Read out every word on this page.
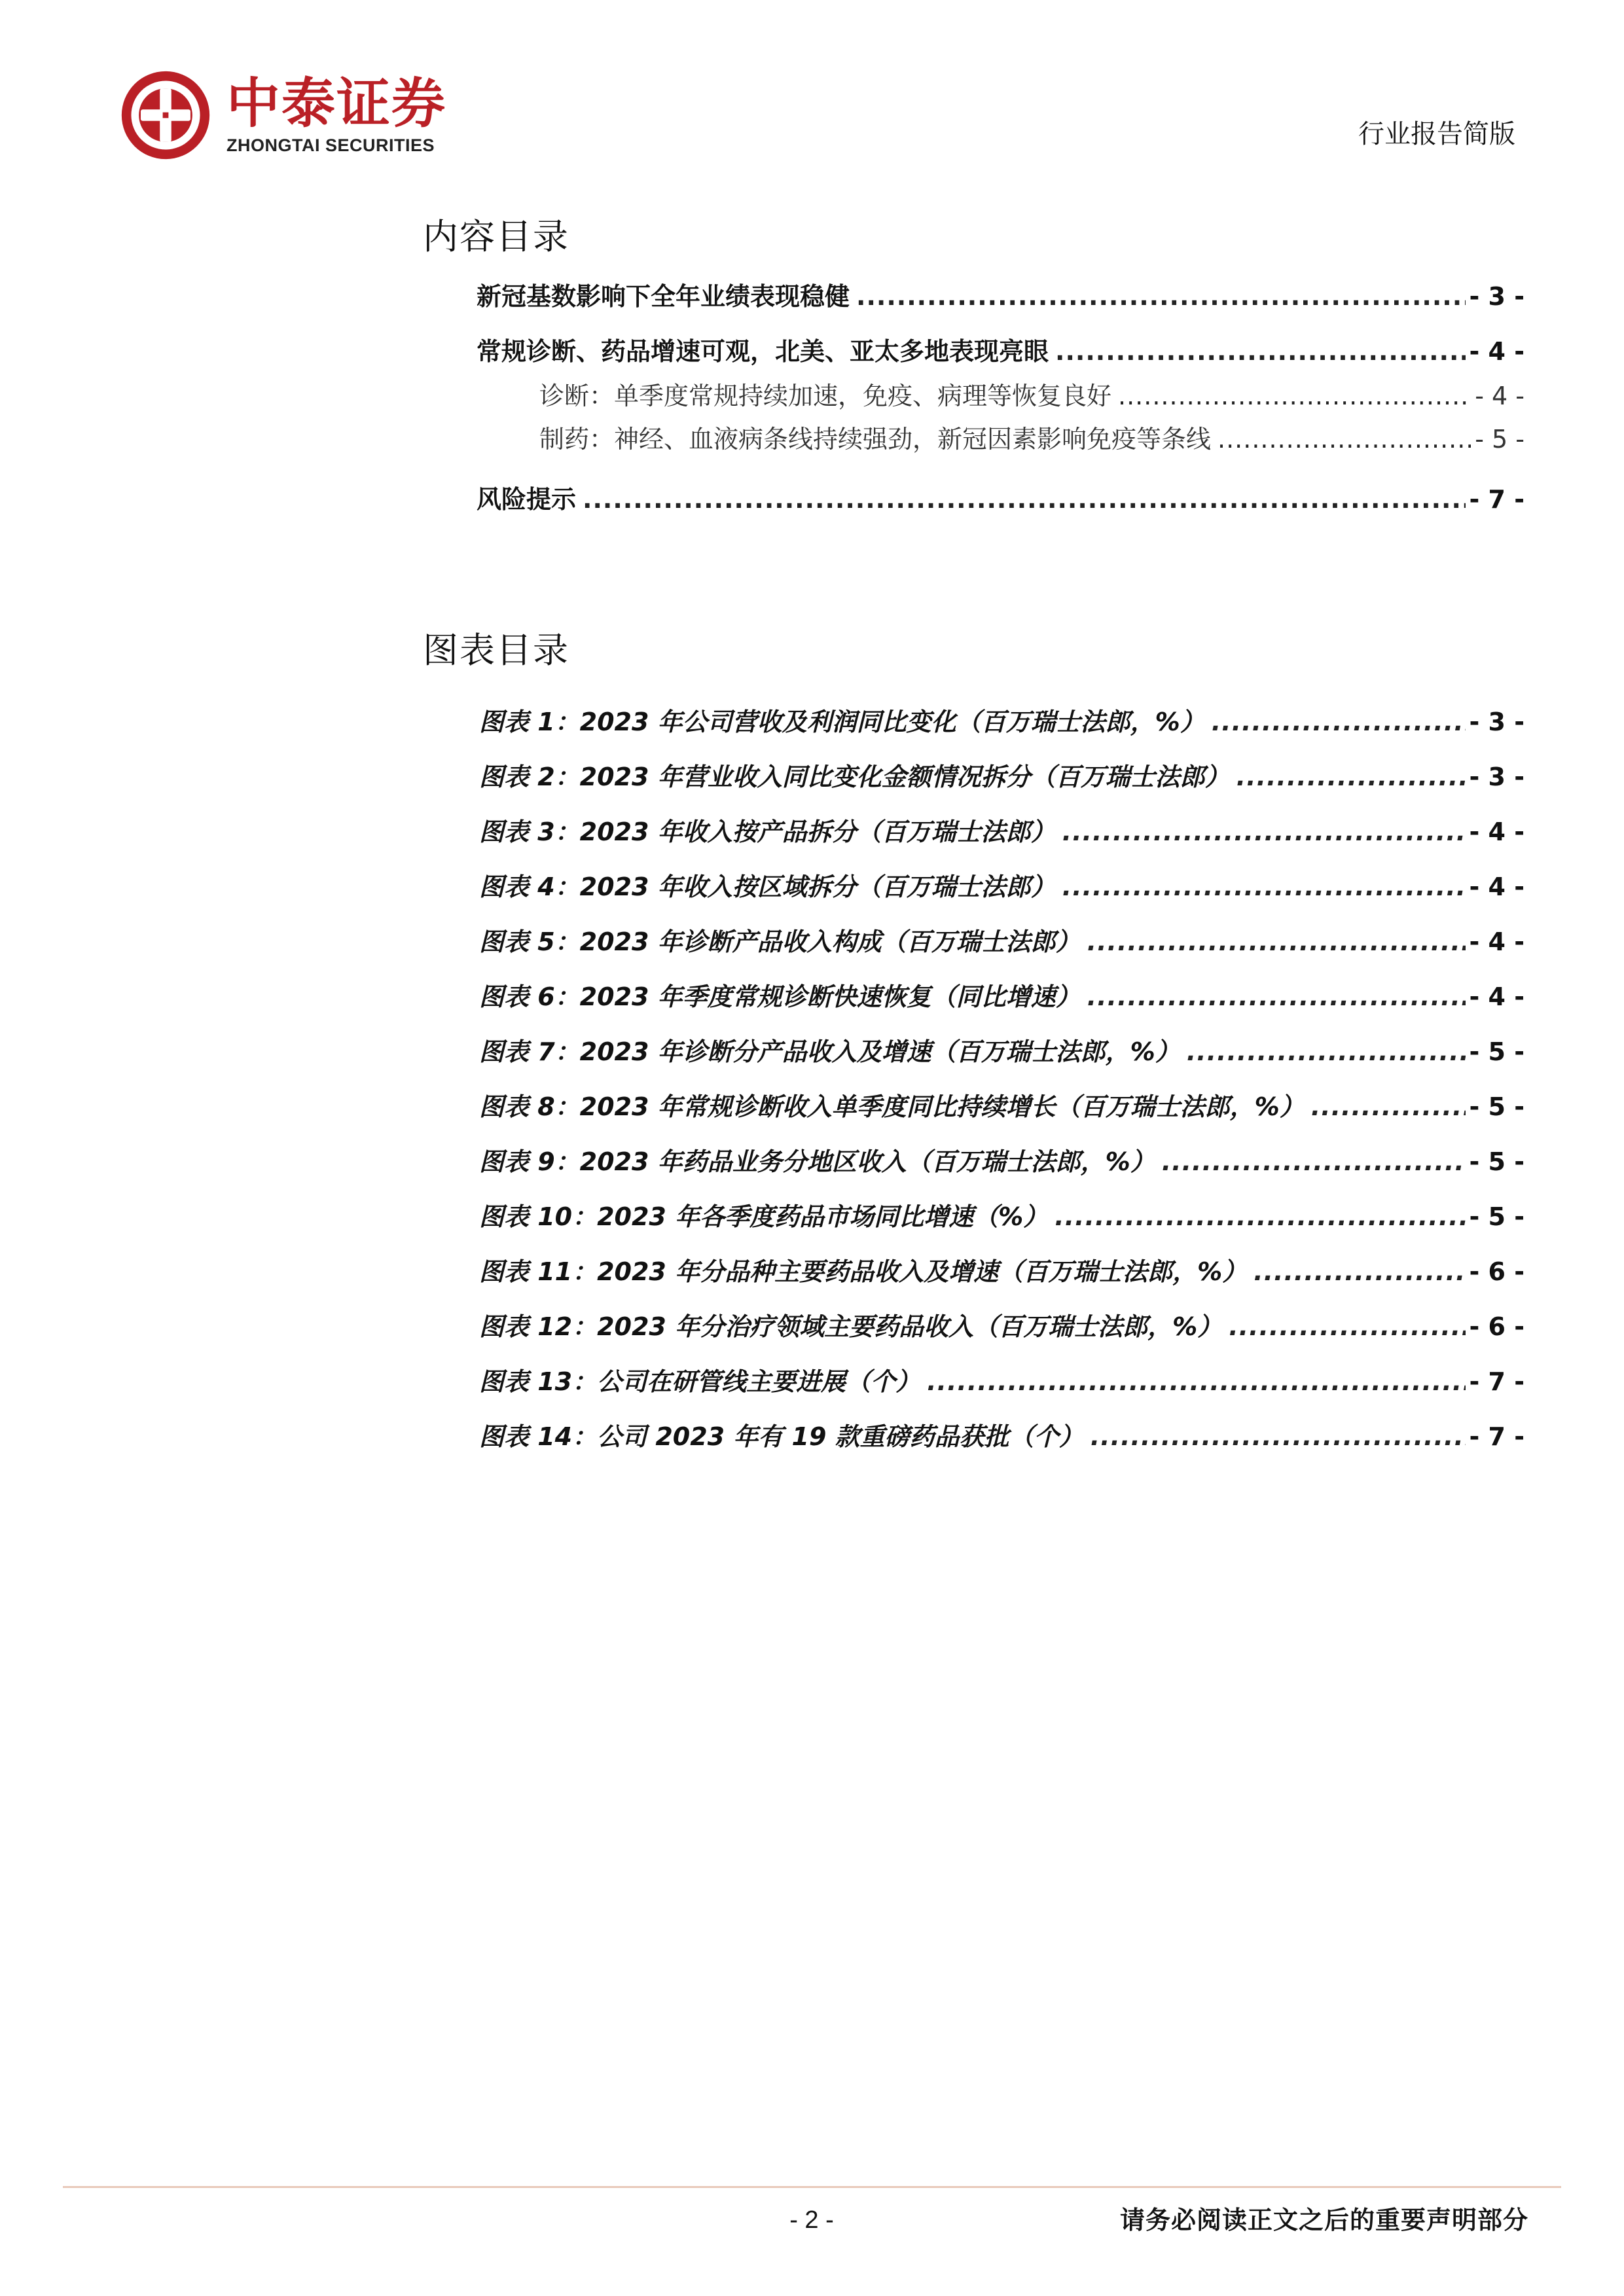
中泰证券
ZHONGTAI SECURITIES	行业报告简版
内容目录
新冠基数影响下全年业绩表现稳健 .....	- 3 -
常规诊断、药品增速可观，北美、亚太多地表现亮眼 .....	- 4 -
诊断：单季度常规持续加速，免疫、病理等恢复良好 .....	- 4 -
制药：神经、血液病条线持续强劲，新冠因素影响免疫等条线 .....	- 5 -
风险提示 .....	- 7 -
图表目录
图表 1：2023 年公司营收及利润同比变化（百万瑞士法郎，%） .....	- 3 -
图表 2：2023 年营业收入同比变化金额情况拆分（百万瑞士法郎） .....	- 3 -
图表 3：2023 年收入按产品拆分（百万瑞士法郎） .....	- 4 -
图表 4：2023 年收入按区域拆分（百万瑞士法郎） .....	- 4 -
图表 5：2023 年诊断产品收入构成（百万瑞士法郎） .....	- 4 -
图表 6：2023 年季度常规诊断快速恢复（同比增速） .....	- 4 -
图表 7：2023 年诊断分产品收入及增速（百万瑞士法郎，%） .....	- 5 -
图表 8：2023 年常规诊断收入单季度同比持续增长（百万瑞士法郎，%） .....	- 5 -
图表 9：2023 年药品业务分地区收入（百万瑞士法郎，%） .....	- 5 -
图表 10：2023 年各季度药品市场同比增速（%） .....	- 5 -
图表 11：2023 年分品种主要药品收入及增速（百万瑞士法郎，%） .....	- 6 -
图表 12：2023 年分治疗领域主要药品收入（百万瑞士法郎，%） .....	- 6 -
图表 13：公司在研管线主要进展（个） .....	- 7 -
图表 14：公司 2023 年有 19 款重磅药品获批（个） .....	- 7 -
- 2 -	请务必阅读正文之后的重要声明部分
